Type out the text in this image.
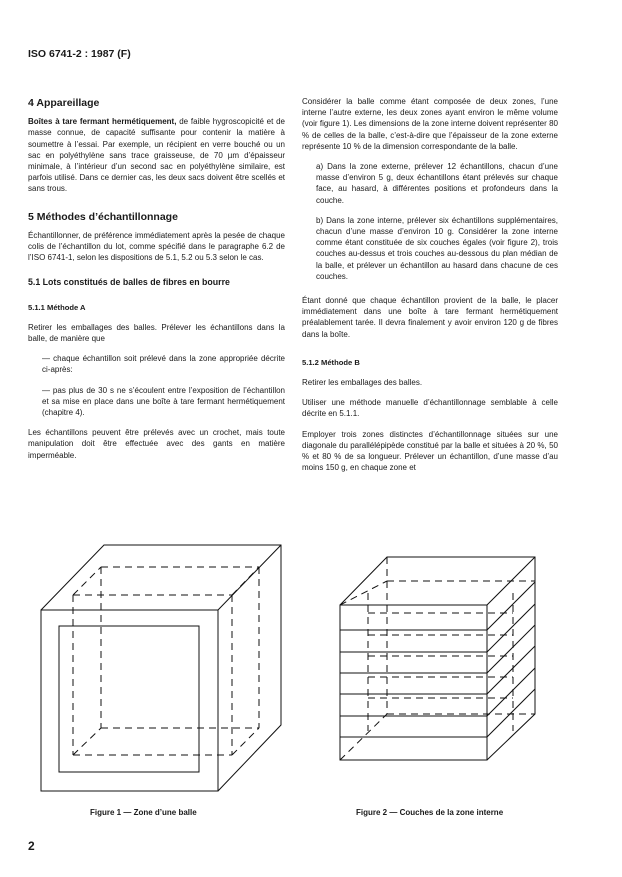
ISO 6741-2 : 1987 (F)

4 Appareillage

Boîtes à tare fermant hermétiquement, de faible hygroscopicité et de masse connue, de capacité suffisante pour contenir la matière à soumettre à l’essai. Par exemple, un récipient en verre bouché ou un sac en polyéthylène sans trace graisseuse, de 70 µm d’épaisseur minimale, à l’intérieur d’un second sac en polyéthylène similaire, est parfois utilisé. Dans ce dernier cas, les deux sacs doivent être scellés et sans trous.

5 Méthodes d’échantillonnage

Échantillonner, de préférence immédiatement après la pesée de chaque colis de l’échantillon du lot, comme spécifié dans le paragraphe 6.2 de l’ISO 6741-1, selon les dispositions de 5.1, 5.2 ou 5.3 selon le cas.

5.1 Lots constitués de balles de fibres en bourre

5.1.1 Méthode A

Retirer les emballages des balles. Prélever les échantillons dans la balle, de manière que

— chaque échantillon soit prélevé dans la zone appropriée décrite ci-après:

— pas plus de 30 s ne s’écoulent entre l’exposition de l’échantillon et sa mise en place dans une boîte à tare fermant hermétiquement (chapitre 4).

Les échantillons peuvent être prélevés avec un crochet, mais toute manipulation doit être effectuée avec des gants en matière imperméable.

Considérer la balle comme étant composée de deux zones, l’une interne l’autre externe, les deux zones ayant environ le même volume (voir figure 1). Les dimensions de la zone interne doivent représenter 80 % de celles de la balle, c’est-à-dire que l’épaisseur de la zone externe représente 10 % de la dimension correspondante de la balle.

a) Dans la zone externe, prélever 12 échantillons, chacun d’une masse d’environ 5 g, deux échantillons étant prélevés sur chaque face, au hasard, à différentes positions et profondeurs dans la couche.

b) Dans la zone interne, prélever six échantillons supplémentaires, chacun d’une masse d’environ 10 g. Considérer la zone interne comme étant constituée de six couches égales (voir figure 2), trois couches au-dessus et trois couches au-dessous du plan médian de la balle, et prélever un échantillon au hasard dans chacune de ces couches.

Étant donné que chaque échantillon provient de la balle, le placer immédiatement dans une boîte à tare fermant hermétiquement préalablement tarée. Il devra finalement y avoir environ 120 g de fibres dans la boîte.

5.1.2 Méthode B

Retirer les emballages des balles.

Utiliser une méthode manuelle d’échantillonnage semblable à celle décrite en 5.1.1.

Employer trois zones distinctes d’échantillonnage situées sur une diagonale du parallélépipède constitué par la balle et situées à 20 %, 50 % et 80 % de sa longueur. Prélever un échantillon, d’une masse d’au moins 150 g, en chaque zone et

Figure 1 — Zone d’une balle	Figure 2 — Couches de la zone interne
2
